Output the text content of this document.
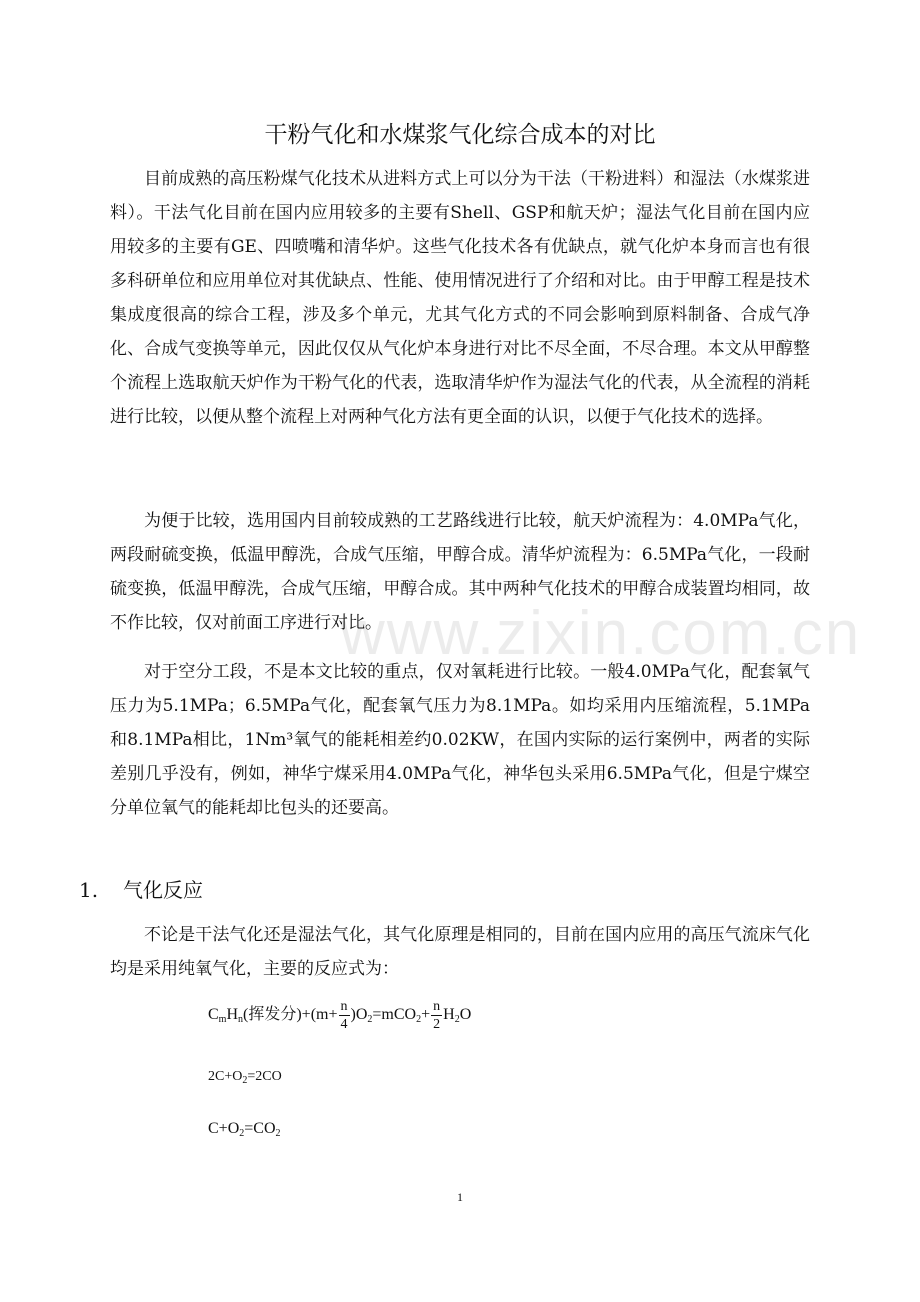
干粉气化和水煤浆气化综合成本的对比

目前成熟的高压粉煤气化技术从进料方式上可以分为干法（干粉进料）和湿法（水煤浆进料）。干法气化目前在国内应用较多的主要有Shell、GSP和航天炉；湿法气化目前在国内应用较多的主要有GE、四喷嘴和清华炉。这些气化技术各有优缺点，就气化炉本身而言也有很多科研单位和应用单位对其优缺点、性能、使用情况进行了介绍和对比。由于甲醇工程是技术集成度很高的综合工程，涉及多个单元，尤其气化方式的不同会影响到原料制备、合成气净化、合成气变换等单元，因此仅仅从气化炉本身进行对比不尽全面，不尽合理。本文从甲醇整个流程上选取航天炉作为干粉气化的代表，选取清华炉作为湿法气化的代表，从全流程的消耗进行比较，以便从整个流程上对两种气化方法有更全面的认识，以便于气化技术的选择。

为便于比较，选用国内目前较成熟的工艺路线进行比较，航天炉流程为：4.0MPa气化，两段耐硫变换，低温甲醇洗，合成气压缩，甲醇合成。清华炉流程为：6.5MPa气化，一段耐硫变换，低温甲醇洗，合成气压缩，甲醇合成。其中两种气化技术的甲醇合成装置均相同，故不作比较，仅对前面工序进行对比。

对于空分工段，不是本文比较的重点，仅对氧耗进行比较。一般4.0MPa气化，配套氧气压力为5.1MPa；6.5MPa气化，配套氧气压力为8.1MPa。如均采用内压缩流程，5.1MPa和8.1MPa相比，1Nm³氧气的能耗相差约0.02KW，在国内实际的运行案例中，两者的实际差别几乎没有，例如，神华宁煤采用4.0MPa气化，神华包头采用6.5MPa气化，但是宁煤空分单位氧气的能耗却比包头的还要高。

1. 气化反应

不论是干法气化还是湿法气化，其气化原理是相同的，目前在国内应用的高压气流床气化均是采用纯氧气化，主要的反应式为：

$C_mH_n$(挥发分)$+(m+ \frac{n}{4} )O_2=mCO_2+ \frac{n}{2} H_2O$
$2C+O_2=2CO$
$C+O_2=CO_2$
www.zixin.com.cn
1
